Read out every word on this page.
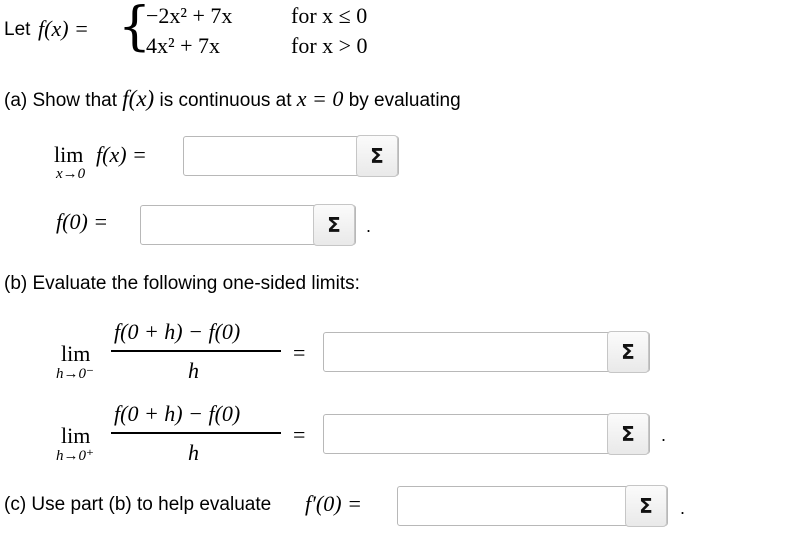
Let f(x) = {
−2x² + 7x	for x ≤ 0
4x² + 7x	for x > 0
(a) Show that f(x) is continuous at x = 0 by evaluating
lim
x→0
f(x) =	Σ
f(0) =	Σ	.
(b) Evaluate the following one-sided limits:
lim
h→0⁻
f(0 + h) − f(0)
h
=	Σ
lim
h→0⁺
f(0 + h) − f(0)
h
=	Σ	.
(c) Use part (b) to help evaluate f′(0) =	Σ	.
